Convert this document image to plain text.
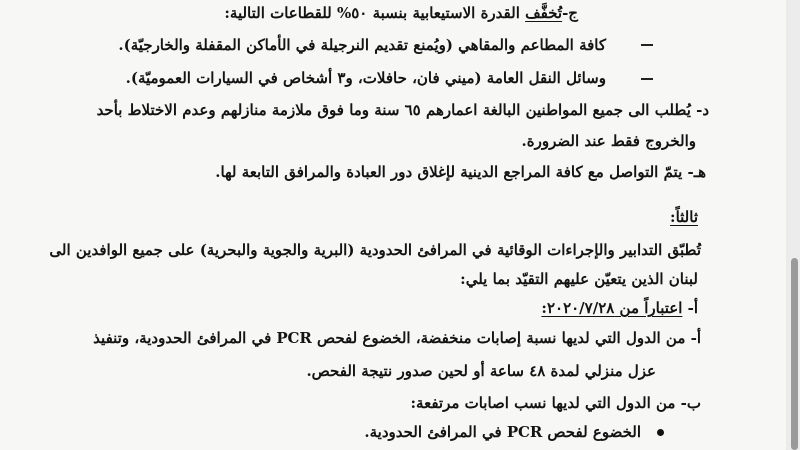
ج-تُخفَّف القدرة الاستيعابية بنسبة ٥٠% للقطاعات التالية:
كافة المطاعم والمقاهي (ويُمنع تقديم النرجيلة في الأماكن المقفلة والخارجيّة).
وسائل النقل العامة (ميني فان، حافلات، و٣ أشخاص في السيارات العموميّة).
د- يُطلب الى جميع المواطنين البالغة اعمارهم ٦٥ سنة وما فوق ملازمة منازلهم وعدم الاختلاط بأحد
والخروج فقط عند الضرورة.
هـ- يتمّ التواصل مع كافة المراجع الدينية لإغلاق دور العبادة والمرافق التابعة لها.
ثالثاً:
تُطبّق التدابير والإجراءات الوقائية في المرافئ الحدودية (البرية والجوية والبحرية) على جميع الوافدين الى
لبنان الذين يتعيّن عليهم التقيّد بما يلي:
أ- اعتباراً من ٢٠٢٠/٧/٢٨:
أ- من الدول التي لديها نسبة إصابات منخفضة، الخضوع لفحص PCR في المرافئ الحدودية، وتنفيذ
عزل منزلي لمدة ٤٨ ساعة أو لحين صدور نتيجة الفحص.
ب- من الدول التي لديها نسب اصابات مرتفعة:
الخضوع لفحص PCR في المرافئ الحدودية.
